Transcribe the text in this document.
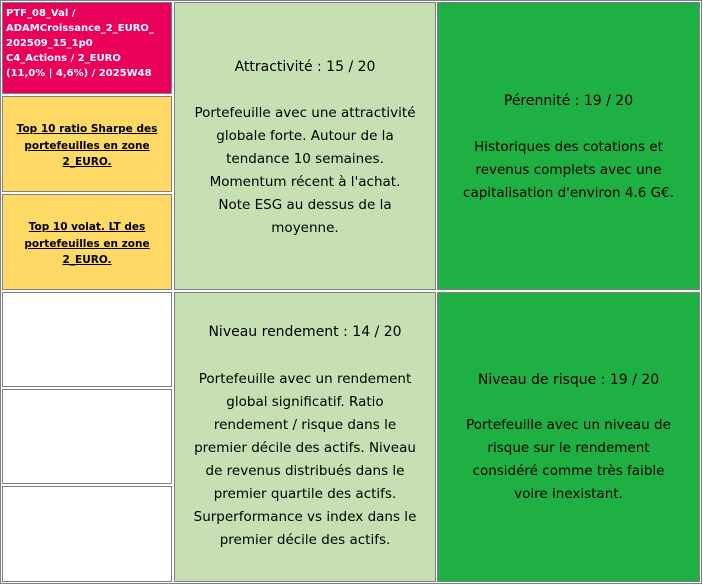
PTF_08_Val /
ADAMCroissance_2_EURO_
202509_15_1p0
C4_Actions / 2_EURO
(11,0% | 4,6%) / 2025W48
Top 10 ratio Sharpe des
portefeuilles en zone
2_EURO.
Top 10 volat. LT des
portefeuilles en zone
2_EURO.
Attractivité : 15 / 20
Portefeuille avec une attractivité
globale forte. Autour de la
tendance 10 semaines.
Momentum récent à l'achat.
Note ESG au dessus de la
moyenne.
Pérennité : 19 / 20
Historiques des cotations et
revenus complets avec une
capitalisation d'environ 4.6 G€.
Niveau rendement : 14 / 20
Portefeuille avec un rendement
global significatif. Ratio
rendement / risque dans le
premier décile des actifs. Niveau
de revenus distribués dans le
premier quartile des actifs.
Surperformance vs index dans le
premier décile des actifs.
Niveau de risque : 19 / 20
Portefeuille avec un niveau de
risque sur le rendement
considéré comme très faible
voire inexistant.
